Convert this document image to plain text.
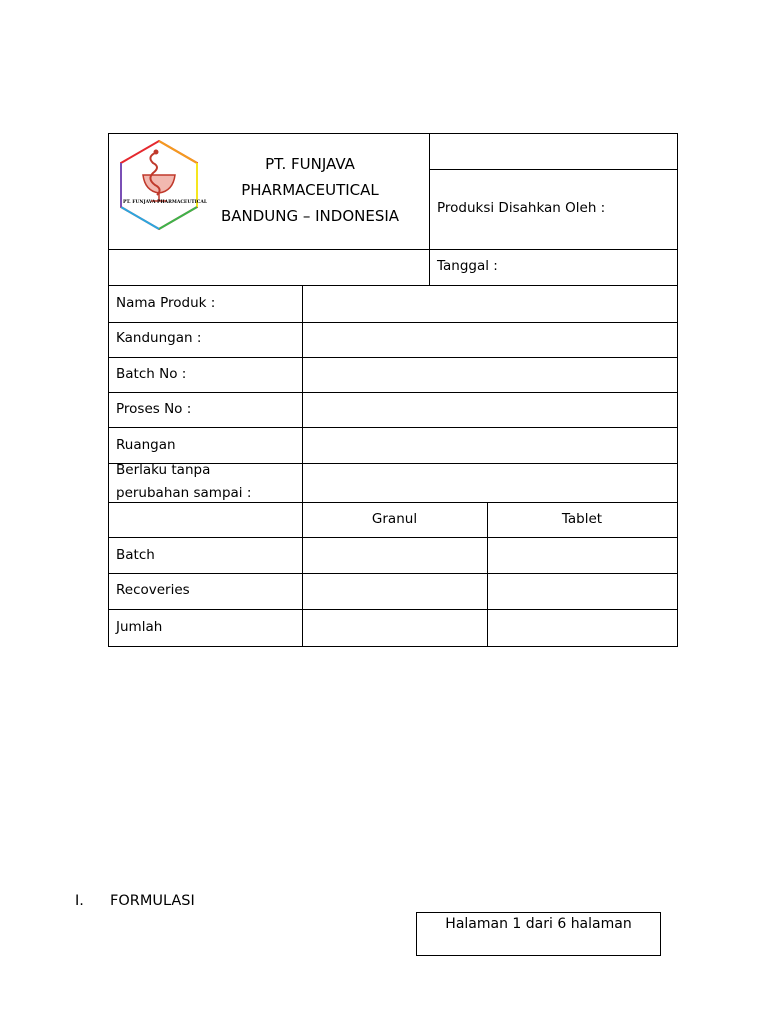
PT. FUNJAVA PHARMACEUTICAL
PT. FUNJAVA
PHARMACEUTICAL
BANDUNG – INDONESIA	Produksi Disahkan Oleh :
Tanggal :
Nama Produk :
Kandungan :
Batch No :
Proses No :
Ruangan
Berlaku tanpa
perubahan sampai :
Granul	Tablet
Batch
Recoveries
Jumlah
I. FORMULASI
Halaman 1 dari 6 halaman
